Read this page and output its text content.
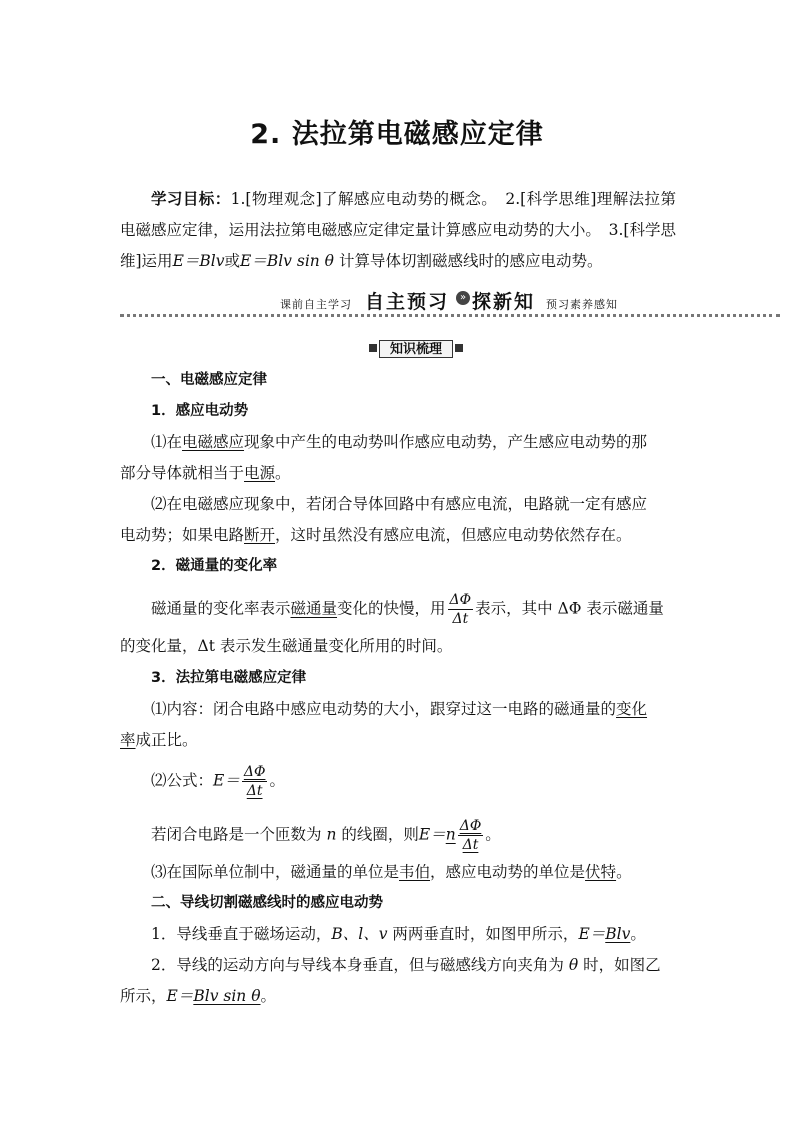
2. 法拉第电磁感应定律
学习目标：1.[物理观念]了解感应电动势的概念。　2.[科学思维]理解法拉第电磁感应定律，运用法拉第电磁感应定律定量计算感应电动势的大小。　3.[科学思维]运用E＝Blv或E＝Blv sin θ 计算导体切割磁感线时的感应电动势。
课前自主学习 自主预习	» 探新知 预习素养感知
知识梳理
一、电磁感应定律
1．感应电动势
⑴在电磁感应现象中产生的电动势叫作感应电动势，产生感应电动势的那
部分导体就相当于电源。
⑵在电磁感应现象中，若闭合导体回路中有感应电流，电路就一定有感应
电动势；如果电路断开，这时虽然没有感应电流，但感应电动势依然存在。
2．磁通量的变化率
磁通量的变化率表示磁通量变化的快慢，用 $\frac{\Delta\Phi}{\Delta t}$ 表示，其中 ΔΦ 表示磁通量
的变化量，Δt 表示发生磁通量变化所用的时间。
3．法拉第电磁感应定律
⑴内容：闭合电路中感应电动势的大小，跟穿过这一电路的磁通量的变化
率成正比。
⑵公式：$E= \frac{\Delta\Phi}{\Delta t}$ 。
若闭合电路是一个匝数为 n 的线圈，则$E=n \frac{\Delta\Phi}{\Delta t}$ 。
⑶在国际单位制中，磁通量的单位是韦伯，感应电动势的单位是伏特。
二、导线切割磁感线时的感应电动势
1．导线垂直于磁场运动，B、l、v 两两垂直时，如图甲所示，E＝Blv。
2．导线的运动方向与导线本身垂直，但与磁感线方向夹角为 θ 时，如图乙
所示，E＝Blv sin θ。
